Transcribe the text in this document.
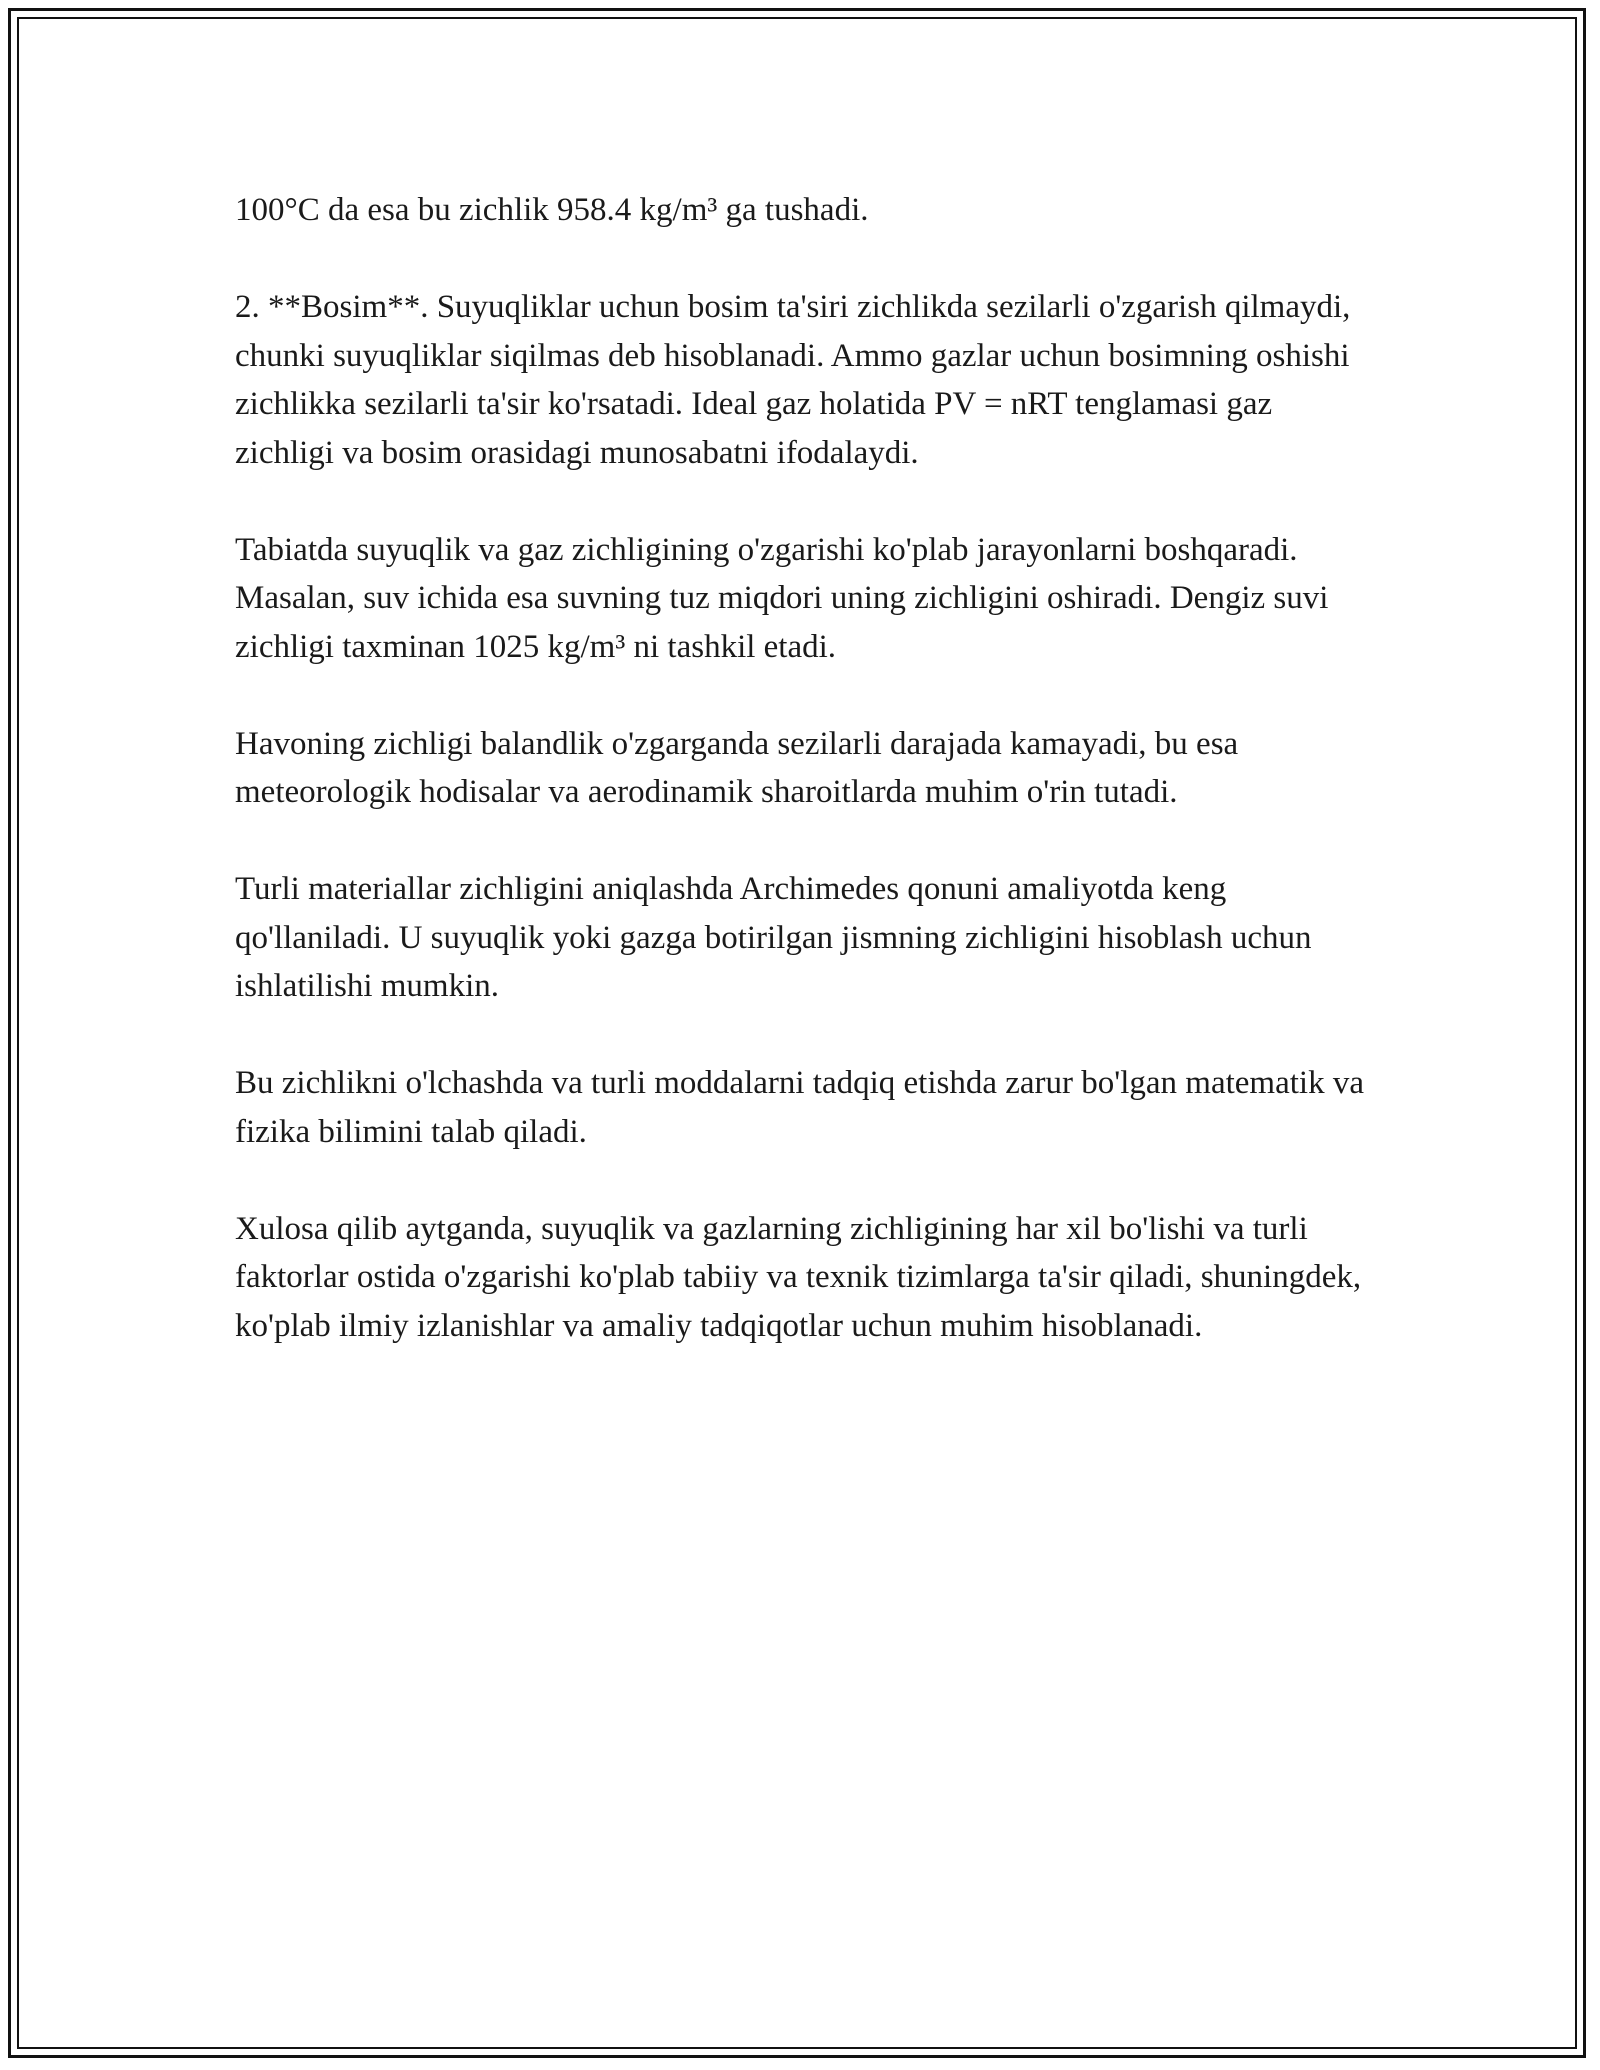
100°C da esa bu zichlik 958.4 kg/m³ ga tushadi.

2. **Bosim**. Suyuqliklar uchun bosim ta'siri zichlikda sezilarli o'zgarish qilmaydi, chunki suyuqliklar siqilmas deb hisoblanadi. Ammo gazlar uchun bosimning oshishi zichlikka sezilarli ta'sir ko'rsatadi. Ideal gaz holatida PV = nRT tenglamasi gaz zichligi va bosim orasidagi munosabatni ifodalaydi.

Tabiatda suyuqlik va gaz zichligining o'zgarishi ko'plab jarayonlarni boshqaradi. Masalan, suv ichida esa suvning tuz miqdori uning zichligini oshiradi. Dengiz suvi zichligi taxminan 1025 kg/m³ ni tashkil etadi.

Havoning zichligi balandlik o'zgarganda sezilarli darajada kamayadi, bu esa meteorologik hodisalar va aerodinamik sharoitlarda muhim o'rin tutadi.

Turli materiallar zichligini aniqlashda Archimedes qonuni amaliyotda keng qo'llaniladi. U suyuqlik yoki gazga botirilgan jismning zichligini hisoblash uchun ishlatilishi mumkin.

Bu zichlikni o'lchashda va turli moddalarni tadqiq etishda zarur bo'lgan matematik va fizika bilimini talab qiladi.

Xulosa qilib aytganda, suyuqlik va gazlarning zichligining har xil bo'lishi va turli faktorlar ostida o'zgarishi ko'plab tabiiy va texnik tizimlarga ta'sir qiladi, shuningdek, ko'plab ilmiy izlanishlar va amaliy tadqiqotlar uchun muhim hisoblanadi.
